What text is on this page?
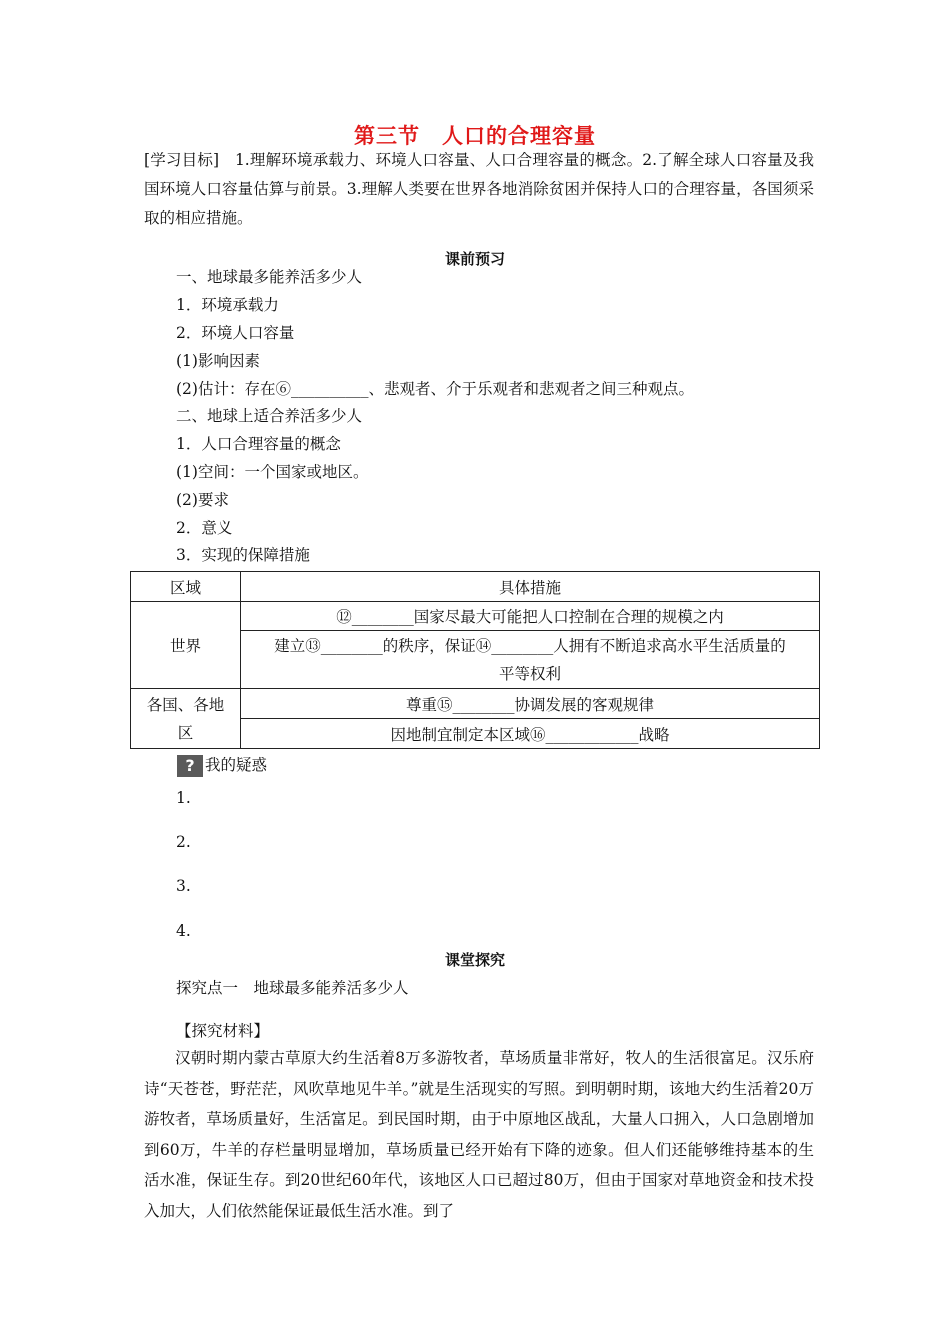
第三节　人口的合理容量
[学习目标]　1.理解环境承载力、环境人口容量、人口合理容量的概念。2.了解全球人口容量及我国环境人口容量估算与前景。3.理解人类要在世界各地消除贫困并保持人口的合理容量，各国须采取的相应措施。
课前预习
一、地球最多能养活多少人
1．环境承载力
2．环境人口容量
(1)影响因素
(2)估计：存在⑥__________、悲观者、介于乐观者和悲观者之间三种观点。
二、地球上适合养活多少人
1．人口合理容量的概念
(1)空间：一个国家或地区。
(2)要求
2．意义
3．实现的保障措施
区域	具体措施
世界	⑫________国家尽最大可能把人口控制在合理的规模之内

	建立⑬________的秩序，保证⑭________人拥有不断追求高水平生活质量的
平等权利

各国、各地
区	尊重⑮________协调发展的客观规律
	因地制宜制定本区域⑯____________战略
? 我的疑惑
1.
2.
3.
4.
课堂探究
探究点一　地球最多能养活多少人
【探究材料】
汉朝时期内蒙古草原大约生活着8万多游牧者，草场质量非常好，牧人的生活很富足。汉乐府诗“天苍苍，野茫茫，风吹草地见牛羊。”就是生活现实的写照。到明朝时期，该地大约生活着20万游牧者，草场质量好，生活富足。到民国时期，由于中原地区战乱，大量人口拥入，人口急剧增加到60万，牛羊的存栏量明显增加，草场质量已经开始有下降的迹象。但人们还能够维持基本的生活水准，保证生存。到20世纪60年代，该地区人口已超过80万，但由于国家对草地资金和技术投入加大，人们依然能保证最低生活水准。到了
